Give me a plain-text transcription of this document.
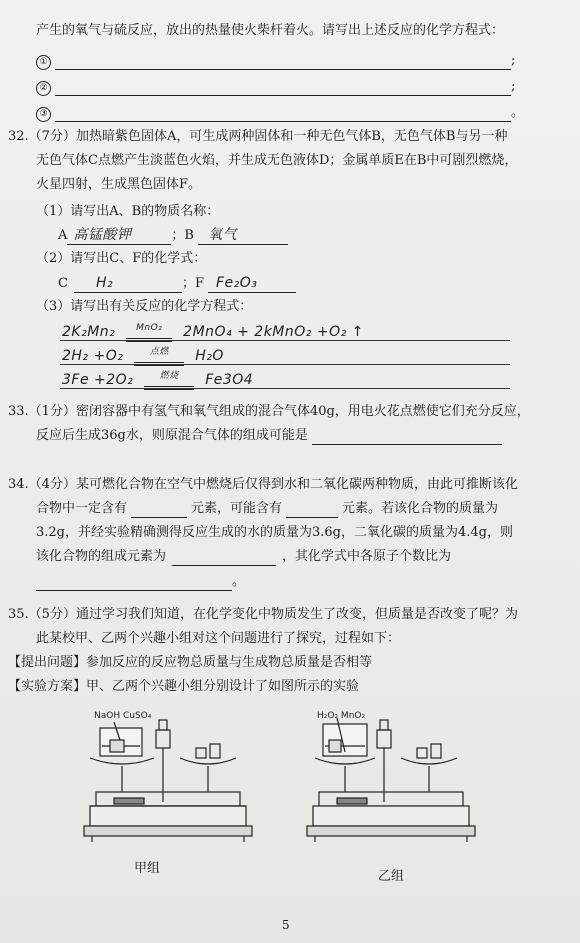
产生的氧气与硫反应，放出的热量使火柴杆着火。请写出上述反应的化学方程式：
①	;
②	;
③	。
32.（7分）加热暗紫色固体A，可生成两种固体和一种无色气体B，无色气体B与另一种
无色气体C点燃产生淡蓝色火焰，并生成无色液体D；金属单质E在B中可剧烈燃烧，
火星四射，生成黑色固体F。
（1）请写出A、B的物质名称：
A 高锰酸钾	；B 氧气
（2）请写出C、F的化学式：
C H₂	；F Fe₂O₃
（3）请写出有关反应的化学方程式：
2K₂Mn₂ MnO₂ 2MnO₄ + 2kMnO₂ +O₂ ↑
2H₂ +O₂	点燃 H₂O
3Fe +2O₂	燃烧 Fe3O4
33.（1分）密闭容器中有氢气和氧气组成的混合气体40g，用电火花点燃使它们充分反应，
反应后生成36g水，则原混合气体的组成可能是
34.（4分）某可燃化合物在空气中燃烧后仅得到水和二氧化碳两种物质，由此可推断该化
合物中一定含有	元素，可能含有	元素。若该化合物的质量为
3.2g，并经实验精确测得反应生成的水的质量为3.6g，二氧化碳的质量为4.4g，则
该化合物的组成元素为	，其化学式中各原子个数比为
。
35.（5分）通过学习我们知道，在化学变化中物质发生了改变，但质量是否改变了呢？为
此某校甲、乙两个兴趣小组对这个问题进行了探究，过程如下：
【提出问题】参加反应的反应物总质量与生成物总质量是否相等
【实验方案】甲、乙两个兴趣小组分别设计了如图所示的实验
NaOH CuSO₄
甲组
H₂O₂ MnO₂
乙组
5
